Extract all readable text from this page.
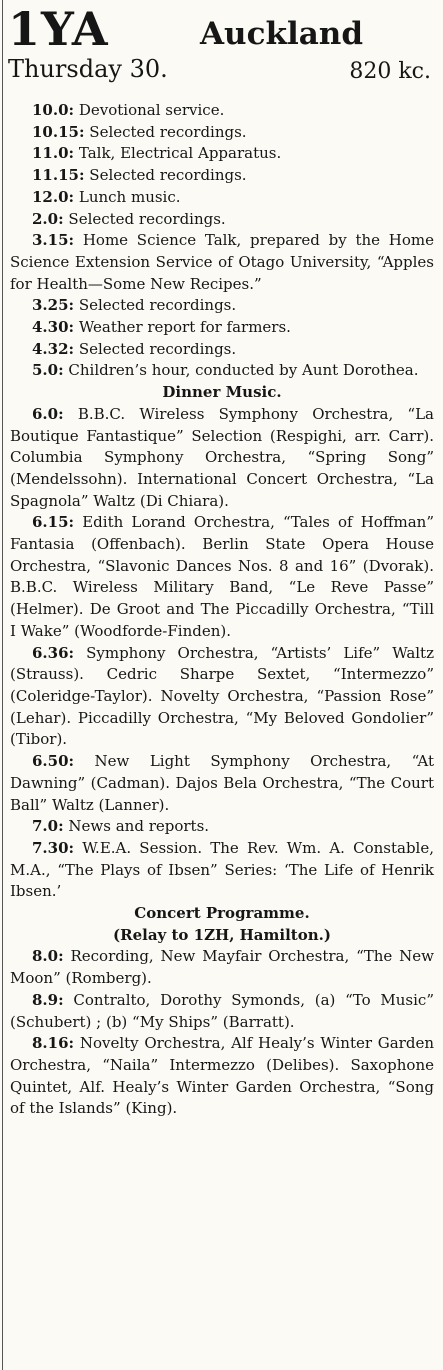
1YA	Auckland
Thursday 30.	820 kc.

10.0: Devotional service.

10.15: Selected recordings.

11.0: Talk, Electrical Apparatus.

11.15: Selected recordings.

12.0: Lunch music.

2.0: Selected recordings.

3.15: Home Science Talk, prepared by the Home Science Extension Service of Otago University, “Apples for Health—Some New Recipes.”

3.25: Selected recordings.

4.30: Weather report for farmers.

4.32: Selected recordings.

5.0: Children’s hour, conducted by Aunt Dorothea.

Dinner Music.

6.0: B.B.C. Wireless Symphony Orchestra, “La Boutique Fantastique” Selection (Respighi, arr. Carr). Columbia Symphony Orchestra, “Spring Song” (Mendelssohn). International Concert Orchestra, “La Spagnola” Waltz (Di Chiara).

6.15: Edith Lorand Orchestra, “Tales of Hoffman” Fantasia (Offenbach). Berlin State Opera House Orchestra, “Slavonic Dances Nos. 8 and 16” (Dvorak). B.B.C. Wireless Military Band, “Le Reve Passe” (Helmer). De Groot and The Piccadilly Orchestra, “Till I Wake” (Woodforde-Finden).

6.36: Symphony Orchestra, “Artists’ Life” Waltz (Strauss). Cedric Sharpe Sextet, “Intermezzo” (Coleridge-Taylor). Novelty Orchestra, “Passion Rose” (Lehar). Piccadilly Orchestra, “My Beloved Gondolier” (Tibor).

6.50: New Light Symphony Orchestra, “At Dawning” (Cadman). Dajos Bela Orchestra, “The Court Ball” Waltz (Lanner).

7.0: News and reports.

7.30: W.E.A. Session. The Rev. Wm. A. Constable, M.A., “The Plays of Ibsen” Series: ‘The Life of Henrik Ibsen.’

Concert Programme.

(Relay to 1ZH, Hamilton.)

8.0: Recording, New Mayfair Orchestra, “The New Moon” (Romberg).

8.9: Contralto, Dorothy Symonds, (a) “To Music” (Schubert) ; (b) “My Ships” (Barratt).

8.16: Novelty Orchestra, Alf Healy’s Winter Garden Orchestra, “Naila” Intermezzo (Delibes). Saxophone Quintet, Alf. Healy’s Winter Garden Orchestra, “Song of the Islands” (King).
